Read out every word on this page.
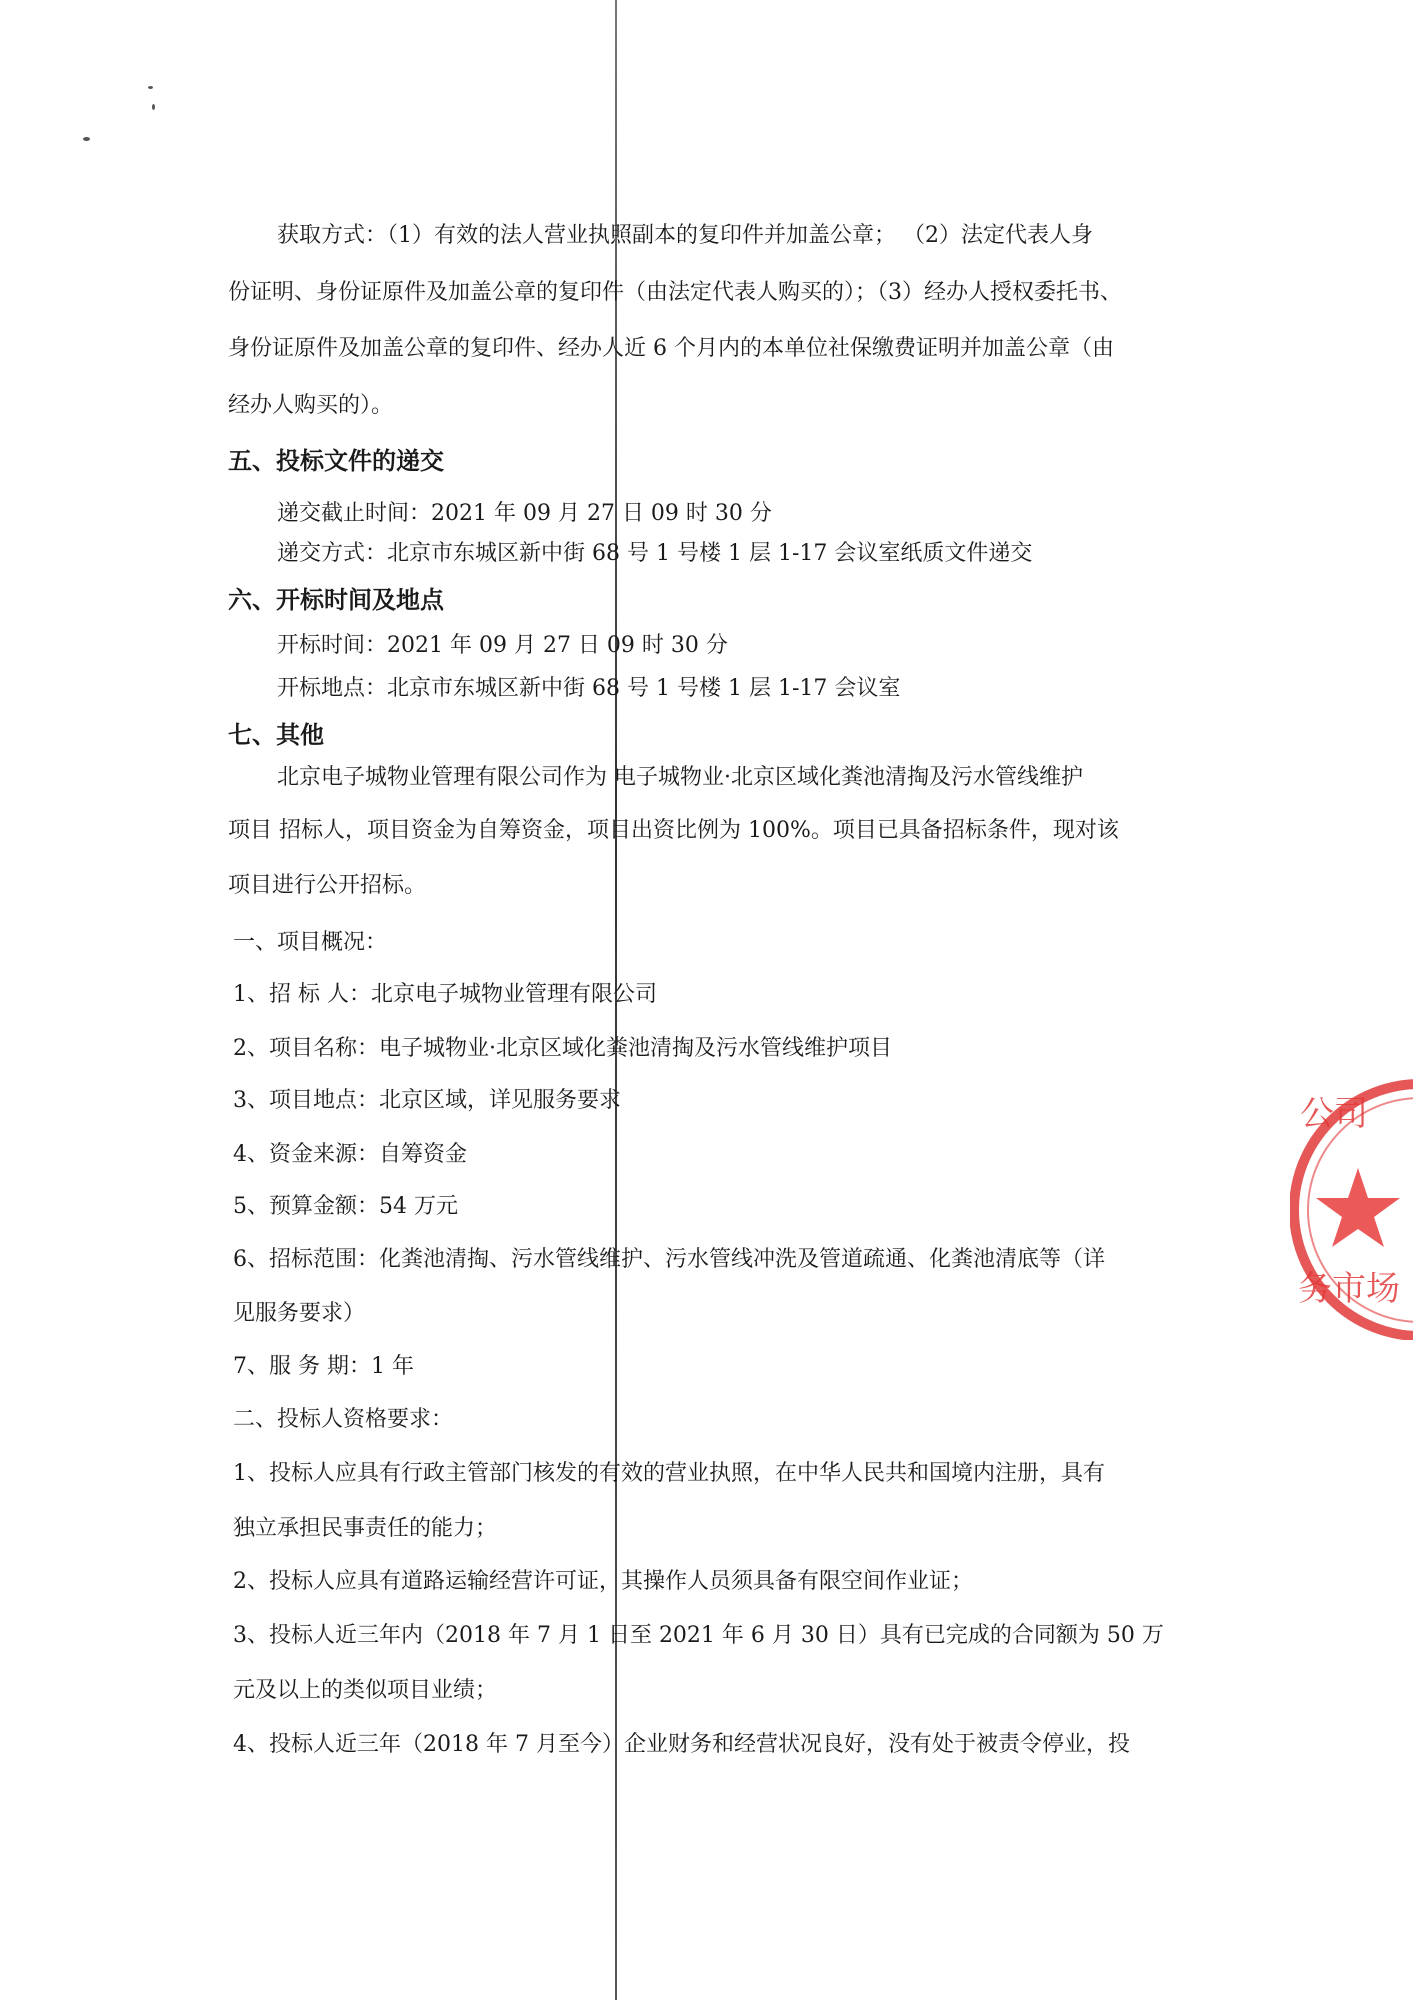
获取方式：（1）有效的法人营业执照副本的复印件并加盖公章； （2）法定代表人身
份证明、身份证原件及加盖公章的复印件（由法定代表人购买的）；（3）经办人授权委托书、
身份证原件及加盖公章的复印件、经办人近 6 个月内的本单位社保缴费证明并加盖公章（由
经办人购买的）。
五、投标文件的递交
递交截止时间：2021 年 09 月 27 日 09 时 30 分
递交方式：北京市东城区新中街 68 号 1 号楼 1 层 1-17 会议室纸质文件递交
六、开标时间及地点
开标时间：2021 年 09 月 27 日 09 时 30 分
开标地点：北京市东城区新中街 68 号 1 号楼 1 层 1-17 会议室
七、其他
北京电子城物业管理有限公司作为 电子城物业·北京区域化粪池清掏及污水管线维护
项目 招标人，项目资金为自筹资金，项目出资比例为 100%。项目已具备招标条件，现对该
项目进行公开招标。
一、项目概况：
1、招 标 人：北京电子城物业管理有限公司
2、项目名称：电子城物业·北京区域化粪池清掏及污水管线维护项目
3、项目地点：北京区域，详见服务要求
4、资金来源：自筹资金
5、预算金额：54 万元
6、招标范围：化粪池清掏、污水管线维护、污水管线冲洗及管道疏通、化粪池清底等（详
见服务要求）
7、服 务 期：1 年
二、投标人资格要求：
1、投标人应具有行政主管部门核发的有效的营业执照，在中华人民共和国境内注册，具有
独立承担民事责任的能力；
2、投标人应具有道路运输经营许可证，其操作人员须具备有限空间作业证；
3、投标人近三年内（2018 年 7 月 1 日至 2021 年 6 月 30 日）具有已完成的合同额为 50 万
元及以上的类似项目业绩；
4、投标人近三年（2018 年 7 月至今）企业财务和经营状况良好，没有处于被责令停业，投
公司
务市场
